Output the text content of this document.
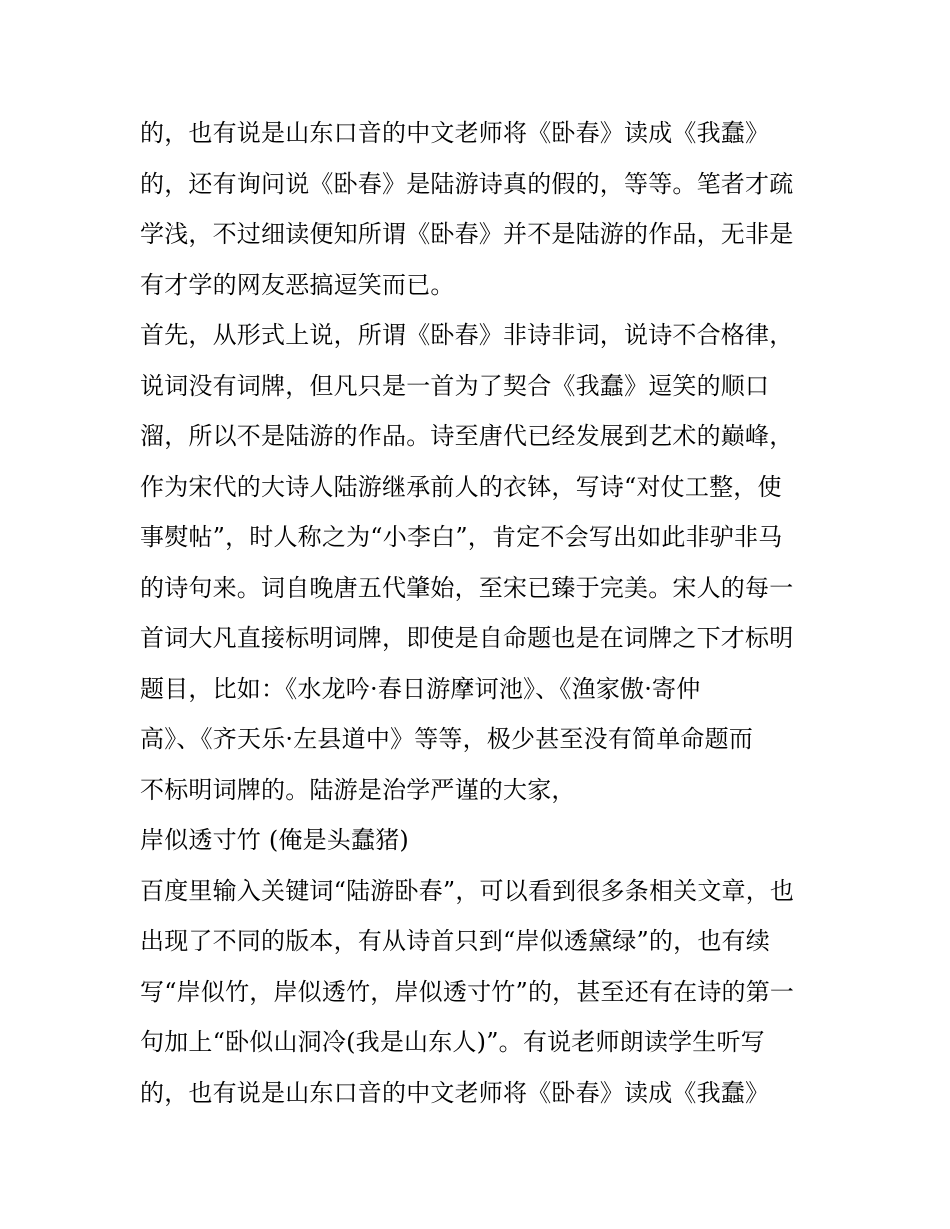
的，也有说是山东口音的中文老师将《卧春》读成《我蠢》
的，还有询问说《卧春》是陆游诗真的假的，等等。笔者才疏
学浅，不过细读便知所谓《卧春》并不是陆游的作品，无非是
有才学的网友恶搞逗笑而已。
首先，从形式上说，所谓《卧春》非诗非词，说诗不合格律，
说词没有词牌，但凡只是一首为了契合《我蠢》逗笑的顺口
溜，所以不是陆游的作品。诗至唐代已经发展到艺术的巅峰，
作为宋代的大诗人陆游继承前人的衣钵，写诗“对仗工整，使
事熨帖”，时人称之为“小李白”，肯定不会写出如此非驴非马
的诗句来。词自晚唐五代肇始，至宋已臻于完美。宋人的每一
首词大凡直接标明词牌，即使是自命题也是在词牌之下才标明
题目，比如：《水龙吟·春日游摩诃池》、《渔家傲·寄仲
高》、《齐天乐·左县道中》等等，极少甚至没有简单命题而
不标明词牌的。陆游是治学严谨的大家，
岸似透寸竹 (俺是头蠢猪)
百度里输入关键词“陆游卧春”，可以看到很多条相关文章，也
出现了不同的版本，有从诗首只到“岸似透黛绿”的，也有续
写“岸似竹，岸似透竹，岸似透寸竹”的，甚至还有在诗的第一
句加上“卧似山洞冷(我是山东人)”。有说老师朗读学生听写
的，也有说是山东口音的中文老师将《卧春》读成《我蠢》
